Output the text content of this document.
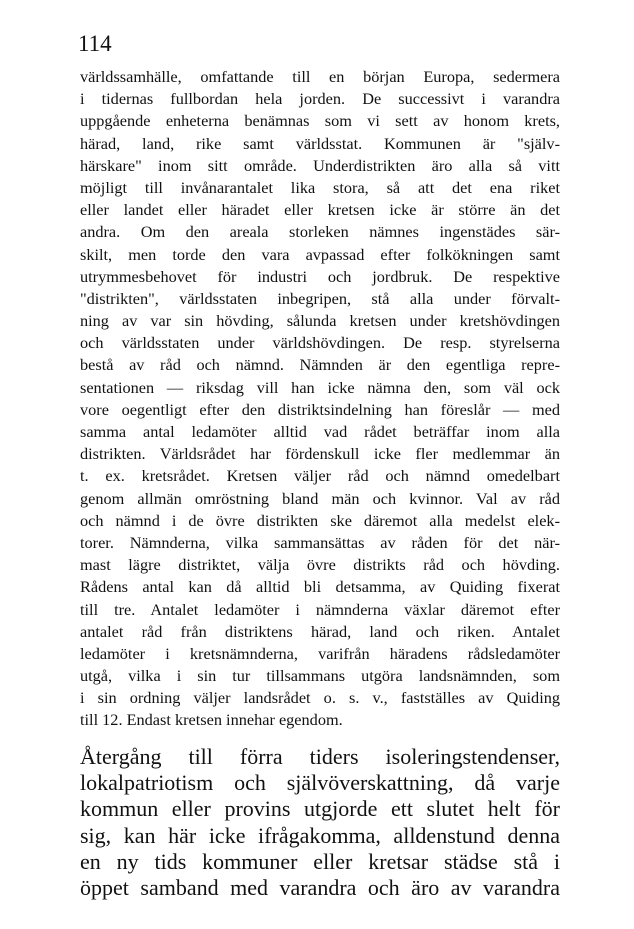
114
världssamhälle, omfattande till en början Europa, sedermera
i tidernas fullbordan hela jorden. De successivt i varandra
uppgående enheterna benämnas som vi sett av honom krets,
härad, land, rike samt världsstat. Kommunen är "själv-
härskare" inom sitt område. Underdistrikten äro alla så vitt
möjligt till invånarantalet lika stora, så att det ena riket
eller landet eller häradet eller kretsen icke är större än det
andra. Om den areala storleken nämnes ingenstädes sär-
skilt, men torde den vara avpassad efter folkökningen samt
utrymmesbehovet för industri och jordbruk. De respektive
"distrikten", världsstaten inbegripen, stå alla under förvalt-
ning av var sin hövding, sålunda kretsen under kretshövdingen
och världsstaten under världshövdingen. De resp. styrelserna
bestå av råd och nämnd. Nämnden är den egentliga repre-
sentationen — riksdag vill han icke nämna den, som väl ock
vore oegentligt efter den distriktsindelning han föreslår — med
samma antal ledamöter alltid vad rådet beträffar inom alla
distrikten. Världsrådet har fördenskull icke fler medlemmar än
t. ex. kretsrådet. Kretsen väljer råd och nämnd omedelbart
genom allmän omröstning bland män och kvinnor. Val av råd
och nämnd i de övre distrikten ske däremot alla medelst elek-
torer. Nämnderna, vilka sammansättas av råden för det när-
mast lägre distriktet, välja övre distrikts råd och hövding.
Rådens antal kan då alltid bli detsamma, av Quiding fixerat
till tre. Antalet ledamöter i nämnderna växlar däremot efter
antalet råd från distriktens härad, land och riken. Antalet
ledamöter i kretsnämnderna, varifrån häradens rådsledamöter
utgå, vilka i sin tur tillsammans utgöra landsnämnden, som
i sin ordning väljer landsrådet o. s. v., fastställes av Quiding
till 12. Endast kretsen innehar egendom.
Återgång till förra tiders isoleringstendenser,
lokalpatriotism och självöverskattning, då varje
kommun eller provins utgjorde ett slutet helt för
sig, kan här icke ifrågakomma, alldenstund denna
en ny tids kommuner eller kretsar städse stå i
öppet samband med varandra och äro av varandra
